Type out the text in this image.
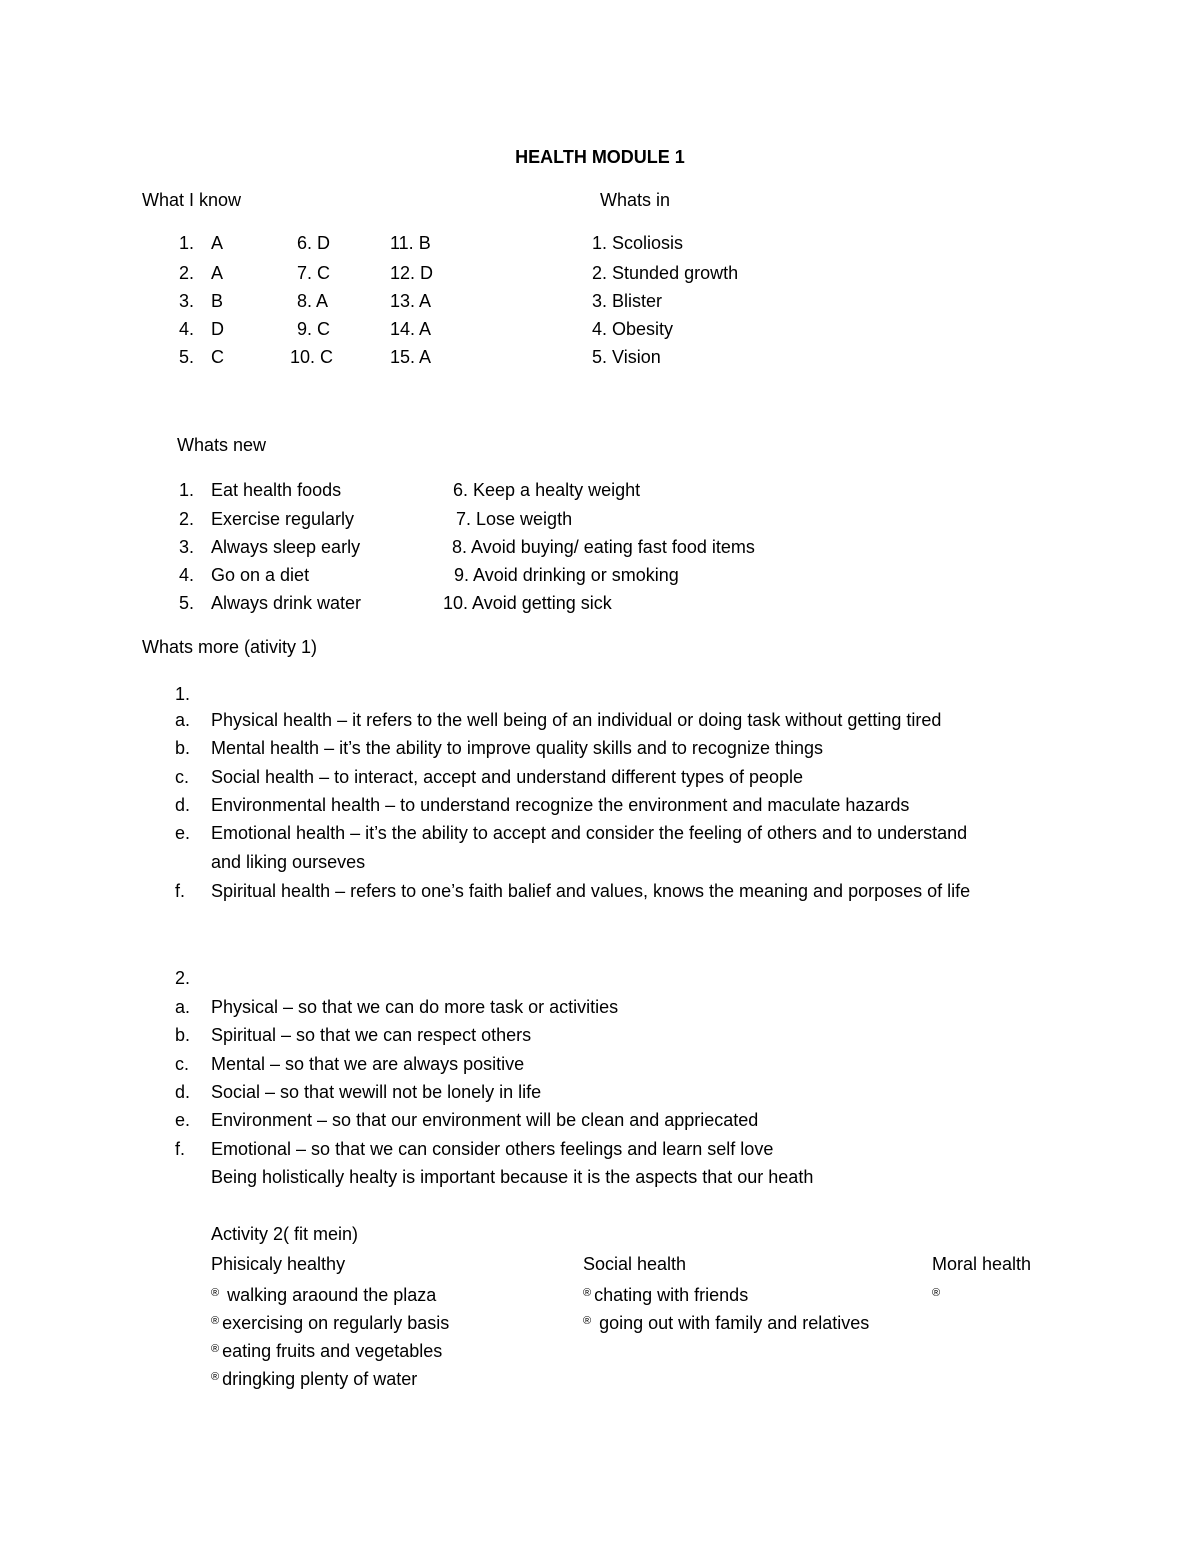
HEALTH MODULE 1
What I know
1. A
2. A
3. B
4. D
5. C
6. D
7. C
8. A
9. C
10. C
11. B
12. D
13. A
14. A
15. A
Whats in
1. Scoliosis
2. Stunded growth
3. Blister
4. Obesity
5. Vision
Whats new
1. Eat health foods
2. Exercise regularly
3. Always sleep early
4. Go on a diet
5. Always drink water
6. Keep a healty weight
7. Lose weigth
8. Avoid buying/ eating fast food items
9. Avoid drinking or smoking
10. Avoid getting sick
Whats more (ativity 1)
1.
a. Physical health – it refers to the well being of an individual or doing task without getting tired
b. Mental health – it’s the ability to improve quality skills and to recognize things
c. Social health – to interact, accept and understand different types of people
d. Environmental health – to understand recognize the environment and maculate hazards
e. Emotional health – it’s the ability to accept and consider the feeling of others and to understand
and liking ourseves
f. Spiritual health – refers to one’s faith balief and values, knows the meaning and porposes of life
2.
a. Physical – so that we can do more task or activities
b. Spiritual – so that we can respect others
c. Mental – so that we are always positive
d. Social – so that wewill not be lonely in life
e. Environment – so that our environment will be clean and appriecated
f. Emotional – so that we can consider others feelings and learn self love
Being holistically healty is important because it is the aspects that our heath
Activity 2( fit mein)
Phisicaly healthy
® walking araound the plaza
® exercising on regularly basis
® eating fruits and vegetables
® dringking plenty of water
Social health
® chating with friends
® going out with family and relatives
Moral health
®
